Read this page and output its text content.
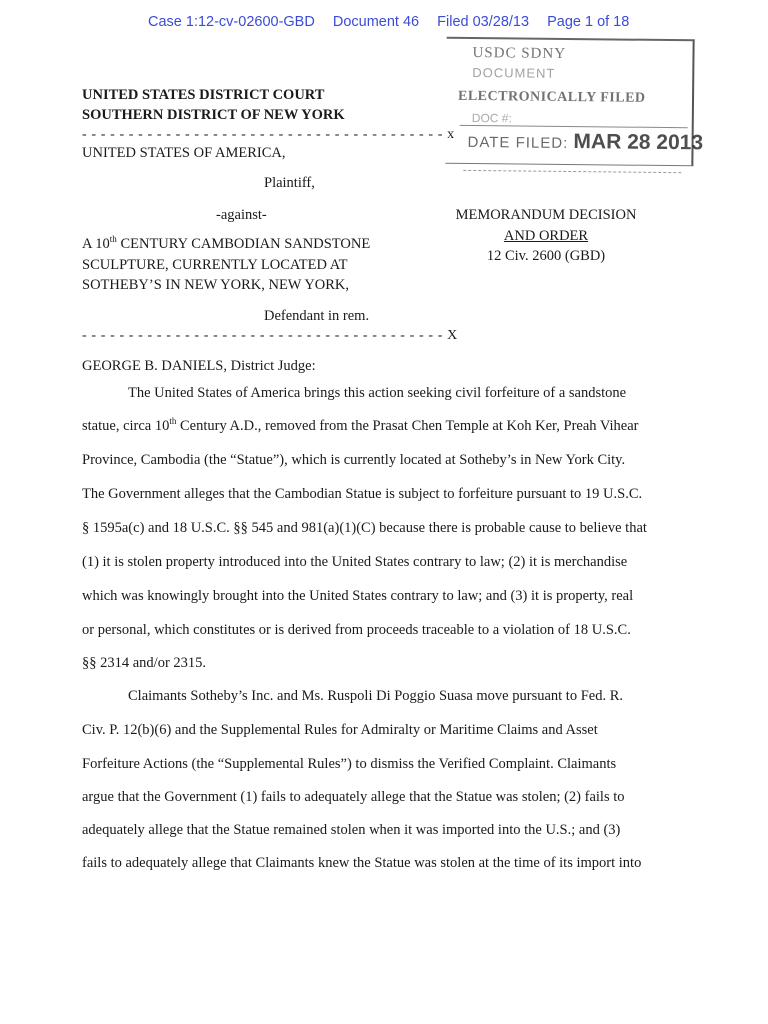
Case 1:12-cv-02600-GBD Document 46 Filed 03/28/13 Page 1 of 18
USDC SDNY
DOCUMENT
ELECTRONICALLY FILED
DOC #:
DATE FILED: MAR 28 2013
UNITED STATES DISTRICT COURT
SOUTHERN DISTRICT OF NEW YORK
- - - - - - - - - - - - - - - - - - - - - - - - - - - - - - - - - - - - - - - x
UNITED STATES OF AMERICA,
Plaintiff,
-against-
A 10th CENTURY CAMBODIAN SANDSTONE
SCULPTURE, CURRENTLY LOCATED AT
SOTHEBY’S IN NEW YORK, NEW YORK,
Defendant in rem.
- - - - - - - - - - - - - - - - - - - - - - - - - - - - - - - - - - - - - - - X
MEMORANDUM DECISION
AND ORDER
12 Civ. 2600 (GBD)
GEORGE B. DANIELS, District Judge:
The United States of America brings this action seeking civil forfeiture of a sandstone
statue, circa 10th Century A.D., removed from the Prasat Chen Temple at Koh Ker, Preah Vihear
Province, Cambodia (the “Statue”), which is currently located at Sotheby’s in New York City.
The Government alleges that the Cambodian Statue is subject to forfeiture pursuant to 19 U.S.C.
§ 1595a(c) and 18 U.S.C. §§ 545 and 981(a)(1)(C) because there is probable cause to believe that
(1) it is stolen property introduced into the United States contrary to law; (2) it is merchandise
which was knowingly brought into the United States contrary to law; and (3) it is property, real
or personal, which constitutes or is derived from proceeds traceable to a violation of 18 U.S.C.
§§ 2314 and/or 2315.
Claimants Sotheby’s Inc. and Ms. Ruspoli Di Poggio Suasa move pursuant to Fed. R.
Civ. P. 12(b)(6) and the Supplemental Rules for Admiralty or Maritime Claims and Asset
Forfeiture Actions (the “Supplemental Rules”) to dismiss the Verified Complaint. Claimants
argue that the Government (1) fails to adequately allege that the Statue was stolen; (2) fails to
adequately allege that the Statue remained stolen when it was imported into the U.S.; and (3)
fails to adequately allege that Claimants knew the Statue was stolen at the time of its import into
